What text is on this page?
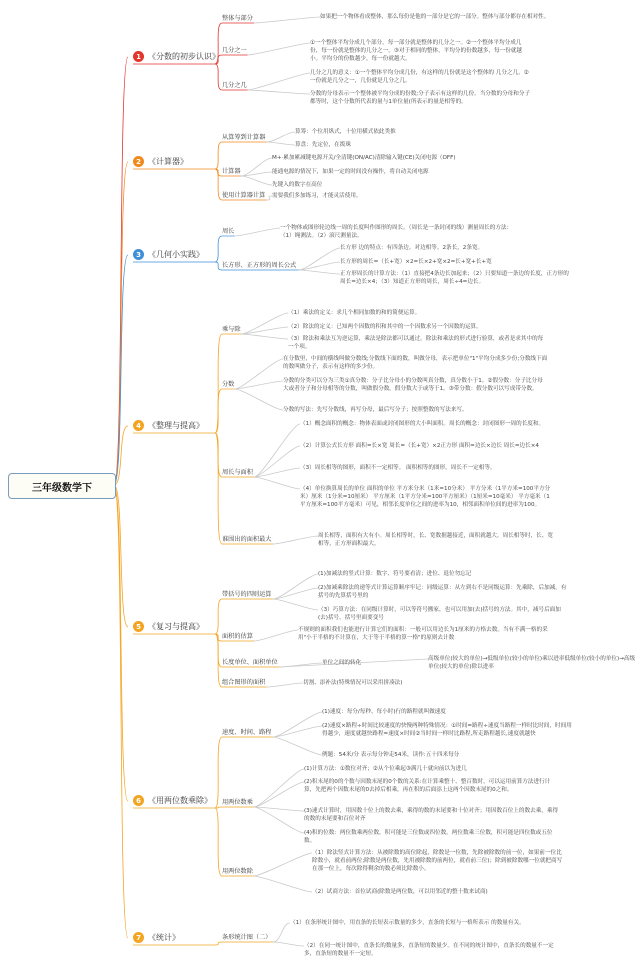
三年级数学下
1 《分数的初步认识》
整体与部分	如果把一个物体看成整体，那么每份是他的一部分是它的一部分。整体与部分都存在相对性。
几分之一
①一个整体平均分成几个部分，每一部分就是整体的几分之一。②一个整体平均分成几份，每一份就是整体的几分之一。③对于相同的整体，平均分的份数越多，每一份就越小。平均分的份数越少，每一份就越大。
几分之几
几分之几的意义：①一个整体平均分成几份，有这样的几份就是这个整体的 几分之几。②一份就是几分之一，几份就是几分之几。
分数的分母表示一个整体被平均分成的份数;分子表示有这样的几份。当分数的分母和分子都等时，这个分数所代表的量与1单位量(所表示的量是相等的。
2 《计算器》
从算筹到计算器
算筹：个位用纵式，十位用横式依此类推
算盘：先定位，在拨珠
计算器
M+·累加累减键电源开关/全清键(ON/AC)清除输入键(CE)关闭电源（OFF)
能通电源的情况下，如果一定的时间没有操作，将自动关闭电源
先键入的数字在高位
使用计算器计算 需要我们多加练习，才能灵活使用。
3 《几何小实践》
周长	一个物体或图形轮边线一周的长度叫作图形的周长。（周长是一条封闭的线）测量周长的方法：（1）绳测法。（2）滚尺测量法。
长方形、正方形的周长公式
长方形 边的特点：有四条边。对边相等。2条长，2条宽。
长方形的周长=（长+宽）×2=长×2+宽×2=长+宽+长+宽
正方形周长的计算方法：（1）直接把4条边长加起来；（2）只要知道一条边的长度，正方形的周长=边长×4；（3）知道正方形的周长，周长÷4=边长。
4 《整理与提高》
乘与除
（1）乘法的定义：求几个相同加数的和的简便运算。
（2）除法的定义：已知两个因数的积和其中的一个因数求另一个因数的运算。
（3）除法和乘法互为逆运算，乘法是除法都可以通过。除法和乘法的形式进行验算，或者是求其中的每一个项。
分数
在分数里，中间的横线叫做分数线;分数线下面的数，叫做分母，表示把单位"1"平均分成多少份;分数线下面的数叫做分子，表示有这样的多少份。
分数的分类可以分为三类①真分数：分子比分母小的分数叫真分数，真分数小于1。②假分数：分子比分母大或者分子和分母相等的分数，叫做假分数。假分数大于或等于1。③带分数：假分数可以写成带分数。
分数的写法：先写分数线，再写分母，最后写分子；按照整数的写法来写。
周长与面积
（1）概念面积的概念：物体表面或封闭图形的大小叫面积。周长的概念：封闭图形一周的长度和。
（2）计算公式长方形 面积=长×宽 周长=（长+宽）×2正方形 面积=边长×边长 周长=边长×4
（3）周长相等的图形，面积不一定相等。 面积相等的图形，周长不一定相等。
（4）单位换算周长的单位 面积的单位 平方米分米（1米=10分米） 平方分米（1平方米=100平方分米）厘米（1分米=10厘米） 平方厘米（1平方分米=100平方厘米）（1厘米=10毫米） 平方毫米（1平方厘米=100平方毫米）可见，相邻长度单位之间的进率为10，相邻面积单位间的进率为100。
谁围出的面积最大	周长相等，面积有大有小。周长相等时，长、宽数据越接近，面积就越大。周长相等时，长、宽相等，正方形面积最大。
5 《复习与提高》
带括号的四则运算
(1)加减法的竖式计算：数字、符号要看清；进位、退位勿忘记
(2)加减乘除法的递等式计算运算顺序牢记：同级运算：从左到右不是同级运算：先乘除，后加减。有括号的先算括号里的
（3）巧算方法：在同级计算时，可以等符号搬家，也可以用加(去)括号的方法。其中，减号后面加(去)括号，括号里面要变号
面积的估算
不规则的面积我们也能进行计算它们的面积：一般可以用边长为1厘米的方格去数。当有不满一格的采用"小于半格的不计算在，大于等于半格的算一格"的原则去计数
长度单位、面积单位	单位之间的转化
高级单位(较大的单位)→低级单位(较小的单位)乘以进率低级单位(较小的单位)→高级单位(较大的单位)除以进率
组合图形的面积	切割、添补法(特殊情况可以采用拼凑法)
6 《用两位数乘除》
速度、时间、路程
(1)速度：每分/每秒、每小时)行的路程就叫做速度
(2)速度×路程÷时间比较速度的快慢两种特殊情况：①时间=路程÷速度当路程一样时比时间，时间用得越少，速度就越快路程=速度×时间②当时间一样时比路程,所走路程越长,速度就越快
例题：54米/分 表示每分钟走54米，读作:五十四米每分
用两位数乘
(1)计算方法：①数位对齐；②从个位乘起③满几十就向前以为进几
(2)积末尾的0的个数与因数末尾的0个数的关系:在计算乘整十、整百数时，可以运用前算方法进行计算，先把两个因数末尾的0去掉后相乘，再在积的后面添上这两个因数末尾的0之和。
(3)速式计算时，用因数十位上的数去乘，乘得的数的末尾要和十位对齐；用因数百位上的数去乘，乘得的数的末尾要和百位对齐
(4)积的位数：两位数乘两位数，积可能是三位数或四位数。两位数乘三位数，积可能是四位数或五位数。
用两位数除
（1）除法竖式计算方法：从被除数的高位除起，除数是一位数，先除被除数的前一位，如果前一位比 除数小，就看前两位;除数是两位数，先用被除数的前两位，就看前三位)；除到被除数哪一位就把商写在那一位上，每次除得剩余的数必须比除数小。
（2）试商方法：首位试商(除数是两位数，可以用邻近的整十数来试商)
7 《统计》	条形统计图（二）
（1）在条形统计图中，用直条的长短表示数量的多少，直条的长短与一格所表示 的数量有关。
（2）在同一统计图中，直条长的数量多，直条短的数量少。在不同的统计图中，直条长的数量不一定多，直条短的数量不一定短。
